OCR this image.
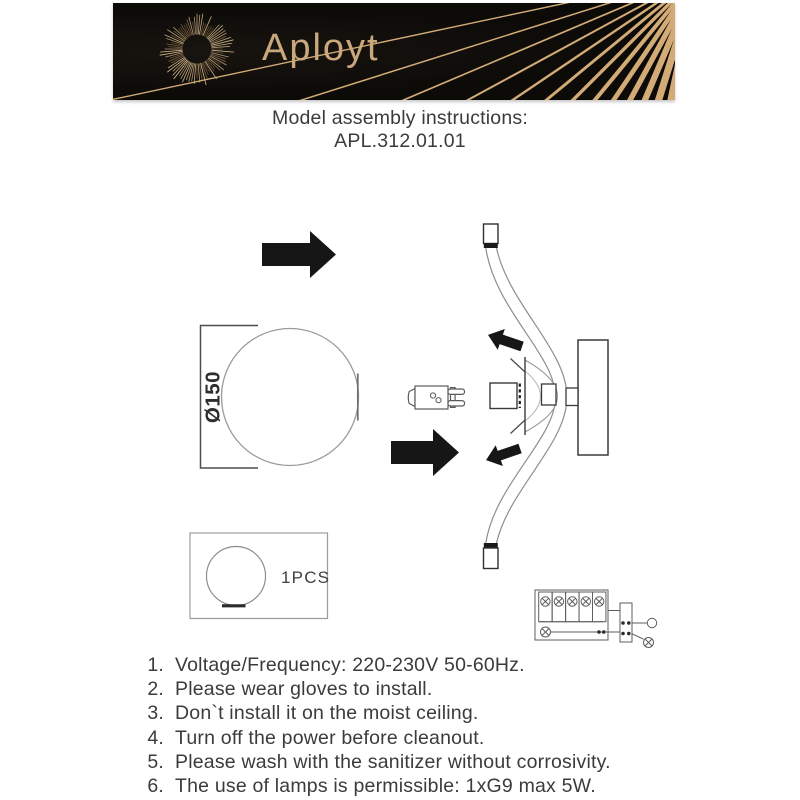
Aployt
Model assembly instructions:
APL.312.01.01
Ø150
1PCS
1. Voltage/Frequency: 220-230V 50-60Hz.
2. Please wear gloves to install.
3. Don`t install it on the moist ceiling.
4. Turn off the power before cleanout.
5. Please wash with the sanitizer without corrosivity.
6. The use of lamps is permissible: 1xG9 max 5W.
